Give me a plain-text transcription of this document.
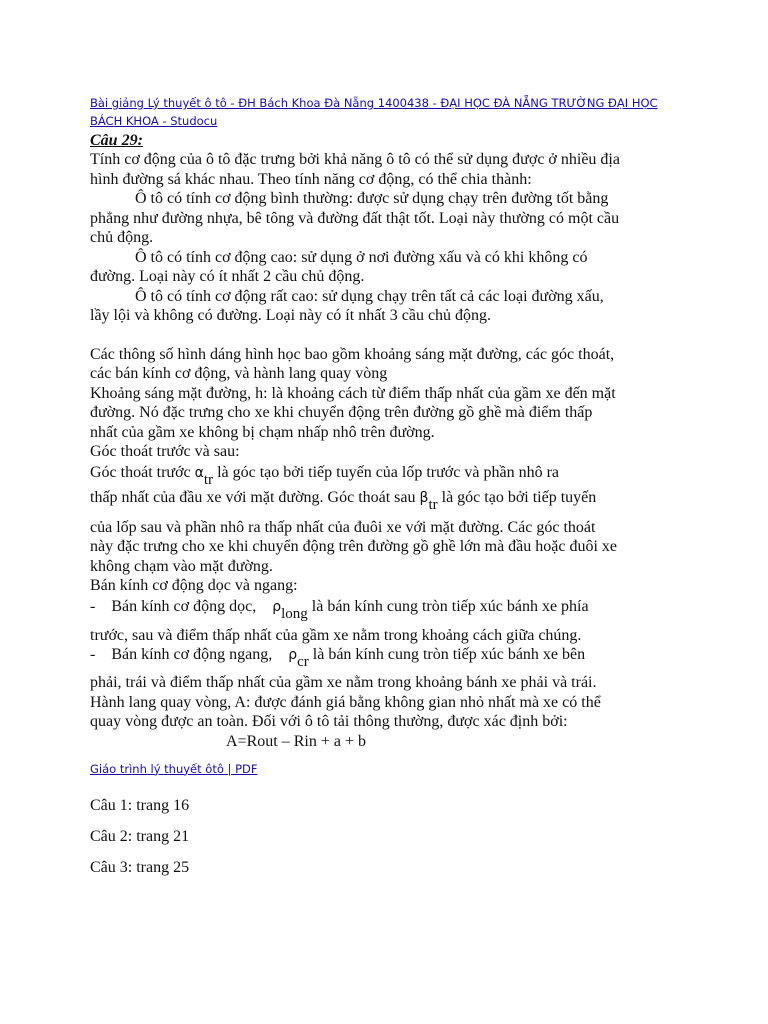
Bài giảng Lý thuyết ô tô - ĐH Bách Khoa Đà Nẵng 1400438 - ĐẠI HỌC ĐÀ NẴNG TRƯỜNG ĐẠI HỌC BÁCH KHOA - Studocu
Câu 29:
Tính cơ động của ô tô đặc trưng bởi khả năng ô tô có thể sử dụng được ở nhiều địa hình đường sá khác nhau. Theo tính năng cơ động, có thể chia thành:
Ô tô có tính cơ động bình thường: được sử dụng chạy trên đường tốt bằng phẳng như đường nhựa, bê tông và đường đất thật tốt. Loại này thường có một cầu chủ động.
Ô tô có tính cơ động cao: sử dụng ở nơi đường xấu và có khi không có đường. Loại này có ít nhất 2 cầu chủ động.
Ô tô có tính cơ động rất cao: sử dụng chạy trên tất cả các loại đường xấu, lầy lội và không có đường. Loại này có ít nhất 3 cầu chủ động.
Các thông số hình dáng hình học bao gồm khoảng sáng mặt đường, các góc thoát, các bán kính cơ động, và hành lang quay vòng
Khoảng sáng mặt đường, h: là khoảng cách từ điểm thấp nhất của gầm xe đến mặt đường. Nó đặc trưng cho xe khi chuyển động trên đường gồ ghề mà điểm thấp nhất của gầm xe không bị chạm nhấp nhô trên đường.
Góc thoát trước và sau:
Góc thoát trước αtr là góc tạo bởi tiếp tuyến của lốp trước và phần nhô ra
thấp nhất của đầu xe với mặt đường. Góc thoát sau βtr là góc tạo bởi tiếp tuyến
của lốp sau và phần nhô ra thấp nhất của đuôi xe với mặt đường. Các góc thoát này đặc trưng cho xe khi chuyển động trên đường gồ ghề lớn mà đầu hoặc đuôi xe không chạm vào mặt đường.
Bán kính cơ động dọc và ngang:
-    Bán kính cơ động dọc,    ρlong là bán kính cung tròn tiếp xúc bánh xe phía
trước, sau và điểm thấp nhất của gầm xe nằm trong khoảng cách giữa chúng.
-    Bán kính cơ động ngang,    ρcr là bán kính cung tròn tiếp xúc bánh xe bên
phải, trái và điểm thấp nhất của gầm xe nằm trong khoảng bánh xe phải và trái.
Hành lang quay vòng, A: được đánh giá bằng không gian nhỏ nhất mà xe có thể quay vòng được an toàn. Đối với ô tô tải thông thường, được xác định bởi:
A=Rout – Rin + a + b
Giáo trình lý thuyết ôtô | PDF
Câu 1: trang 16
Câu 2: trang 21
Câu 3: trang 25
